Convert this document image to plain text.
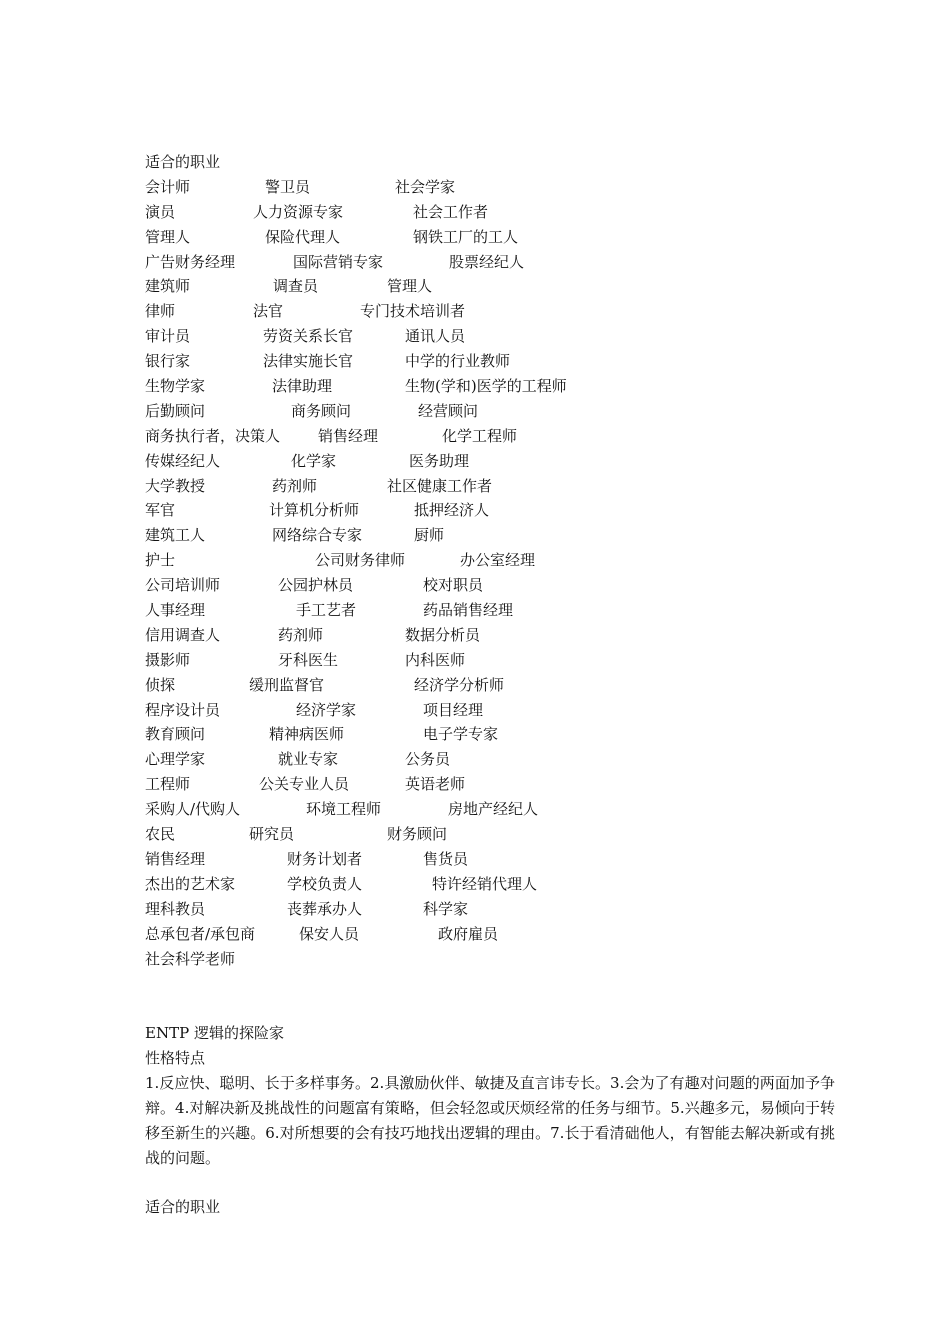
适合的职业
会计师	警卫员	社会学家
演员	人力资源专家	社会工作者
管理人	保险代理人	钢铁工厂的工人
广告财务经理	国际营销专家	股票经纪人
建筑师	调查员	管理人
律师	法官	专门技术培训者
审计员	劳资关系长官	通讯人员
银行家	法律实施长官	中学的行业教师
生物学家	法律助理	生物(学和)医学的工程师
后勤顾问	商务顾问	经营顾问
商务执行者，决策人	销售经理	化学工程师
传媒经纪人	化学家	医务助理
大学教授	药剂师	社区健康工作者
军官	计算机分析师	抵押经济人
建筑工人	网络综合专家	厨师
护士	公司财务律师	办公室经理
公司培训师	公园护林员	校对职员
人事经理	手工艺者	药品销售经理
信用调查人	药剂师	数据分析员
摄影师	牙科医生	内科医师
侦探	缓刑监督官	经济学分析师
程序设计员	经济学家	项目经理
教育顾问	精神病医师	电子学专家
心理学家	就业专家	公务员
工程师	公关专业人员	英语老师
采购人/代购人	环境工程师	房地产经纪人
农民	研究员	财务顾问
销售经理	财务计划者	售货员
杰出的艺术家	学校负责人	特许经销代理人
理科教员	丧葬承办人	科学家
总承包者/承包商	保安人员	政府雇员
社会科学老师
ENTP 逻辑的探险家
性格特点
1.反应快、聪明、长于多样事务。2.具激励伙伴、敏捷及直言讳专长。3.会为了有趣对问题的两面加予争辩。4.对解决新及挑战性的问题富有策略，但会轻忽或厌烦经常的任务与细节。5.兴趣多元，易倾向于转移至新生的兴趣。6.对所想要的会有技巧地找出逻辑的理由。7.长于看清础他人，有智能去解决新或有挑战的问题。
适合的职业
